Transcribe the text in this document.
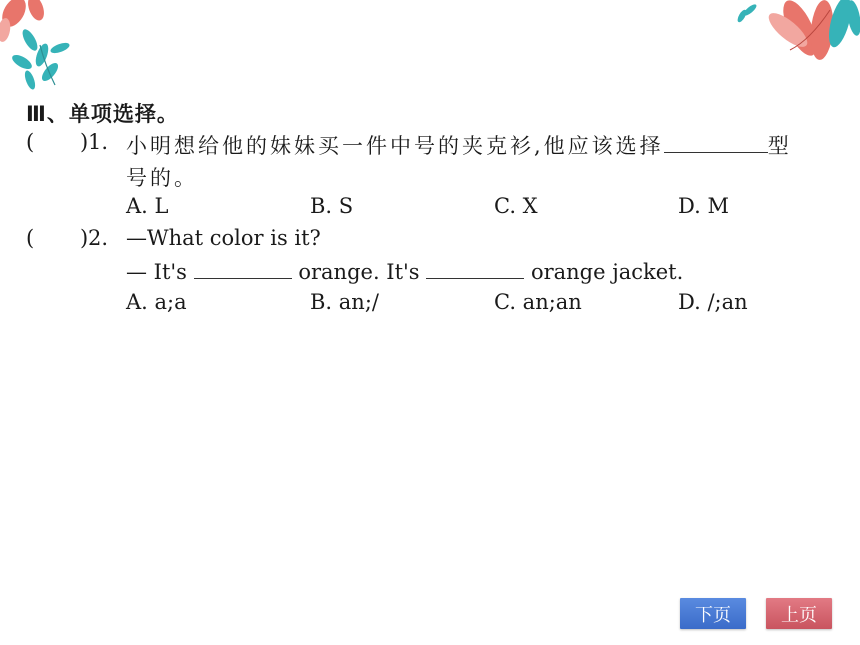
Ⅲ、单项选择。
( ) 1. 小明想给他的妹妹买一件中号的夹克衫,他应该选择	型
号的。
A. L	B. S	C. X	D. M
( ) 2. —What color is it?
— It's	orange. It's	orange jacket.
A. a;a	B. an;/	C. an;an	D. /;an
下页	上页
